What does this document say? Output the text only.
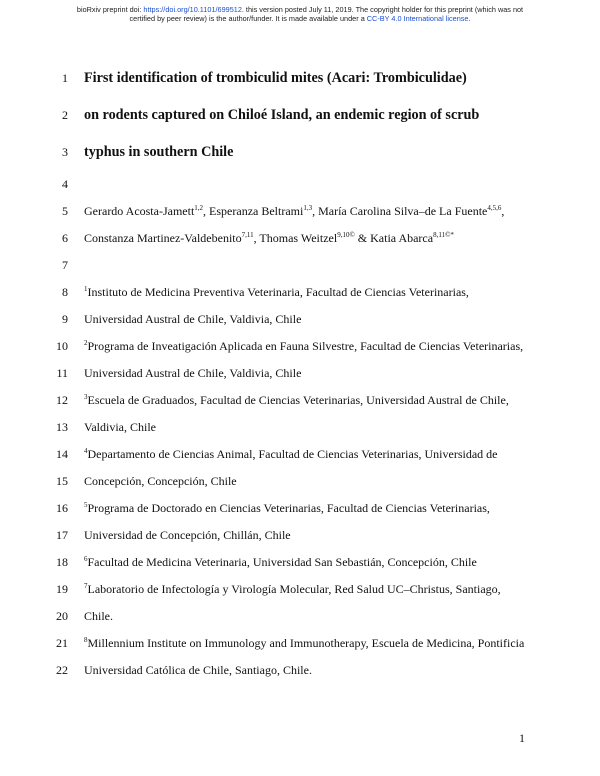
bioRxiv preprint doi: https://doi.org/10.1101/699512. this version posted July 11, 2019. The copyright holder for this preprint (which was not
certified by peer review) is the author/funder. It is made available under a CC-BY 4.0 International license.
1 First identification of trombiculid mites (Acari: Trombiculidae)
2 on rodents captured on Chiloé Island, an endemic region of scrub
3 typhus in southern Chile
4
5 Gerardo Acosta-Jamett$^{1,2}$, Esperanza Beltrami$^{1,3}$, María Carolina Silva–de La Fuente$^{4,5,6}$,
6 Constanza Martinez-Valdebenito$^{7,11}$, Thomas Weitzel$^{9,10©}$ & Katia Abarca$^{8,11©*}$
7
8 $^1$Instituto de Medicina Preventiva Veterinaria, Facultad de Ciencias Veterinarias,
9 Universidad Austral de Chile, Valdivia, Chile
10 $^2$Programa de Inveatigación Aplicada en Fauna Silvestre, Facultad de Ciencias Veterinarias,
11 Universidad Austral de Chile, Valdivia, Chile
12 $^3$Escuela de Graduados, Facultad de Ciencias Veterinarias, Universidad Austral de Chile,
13 Valdivia, Chile
14 $^4$Departamento de Ciencias Animal, Facultad de Ciencias Veterinarias, Universidad de
15 Concepción, Concepción, Chile
16 $^5$Programa de Doctorado en Ciencias Veterinarias, Facultad de Ciencias Veterinarias,
17 Universidad de Concepción, Chillán, Chile
18 $^6$Facultad de Medicina Veterinaria, Universidad San Sebastián, Concepción, Chile
19 $^7$Laboratorio de Infectología y Virología Molecular, Red Salud UC–Christus, Santiago,
20 Chile.
21 $^8$Millennium Institute on Immunology and Immunotherapy, Escuela de Medicina, Pontificia
22 Universidad Católica de Chile, Santiago, Chile.
1
